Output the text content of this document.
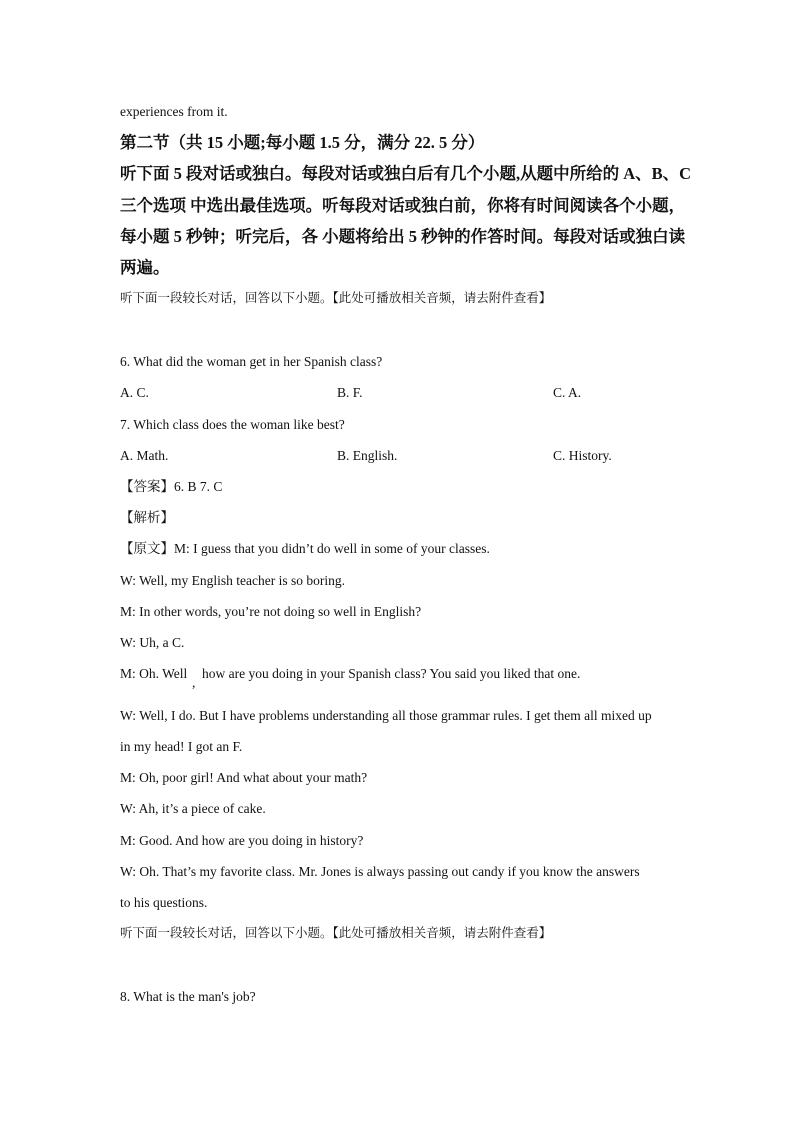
experiences from it.
第二节（共 15 小题;每小题 1.5 分，满分 22. 5 分）
听下面 5 段对话或独白。每段对话或独白后有几个小题,从题中所给的 A、B、C
三个选项 中选出最佳选项。听每段对话或独白前，你将有时间阅读各个小题，
每小题 5 秒钟；听完后，各 小题将给出 5 秒钟的作答时间。每段对话或独白读
两遍。
听下面一段较长对话，回答以下小题。【此处可播放相关音频，请去附件查看】
6. What did the woman get in her Spanish class?
A. C.	B. F.	C. A.
7. Which class does the woman like best?
A. Math.	B. English.	C. History.
【答案】6. B 7. C
【解析】
【原文】M: I guess that you didn’t do well in some of your classes.
W: Well, my English teacher is so boring.
M: In other words, you’re not doing so well in English?
W: Uh, a C.
M: Oh. Well
,
how are you doing in your Spanish class? You said you liked that one.
W: Well, I do. But I have problems understanding all those grammar rules. I get them all mixed up
in my head! I got an F.
M: Oh, poor girl! And what about your math?
W: Ah, it’s a piece of cake.
M: Good. And how are you doing in history?
W: Oh. That’s my favorite class. Mr. Jones is always passing out candy if you know the answers
to his questions.
听下面一段较长对话，回答以下小题。【此处可播放相关音频，请去附件查看】
8. What is the man's job?
